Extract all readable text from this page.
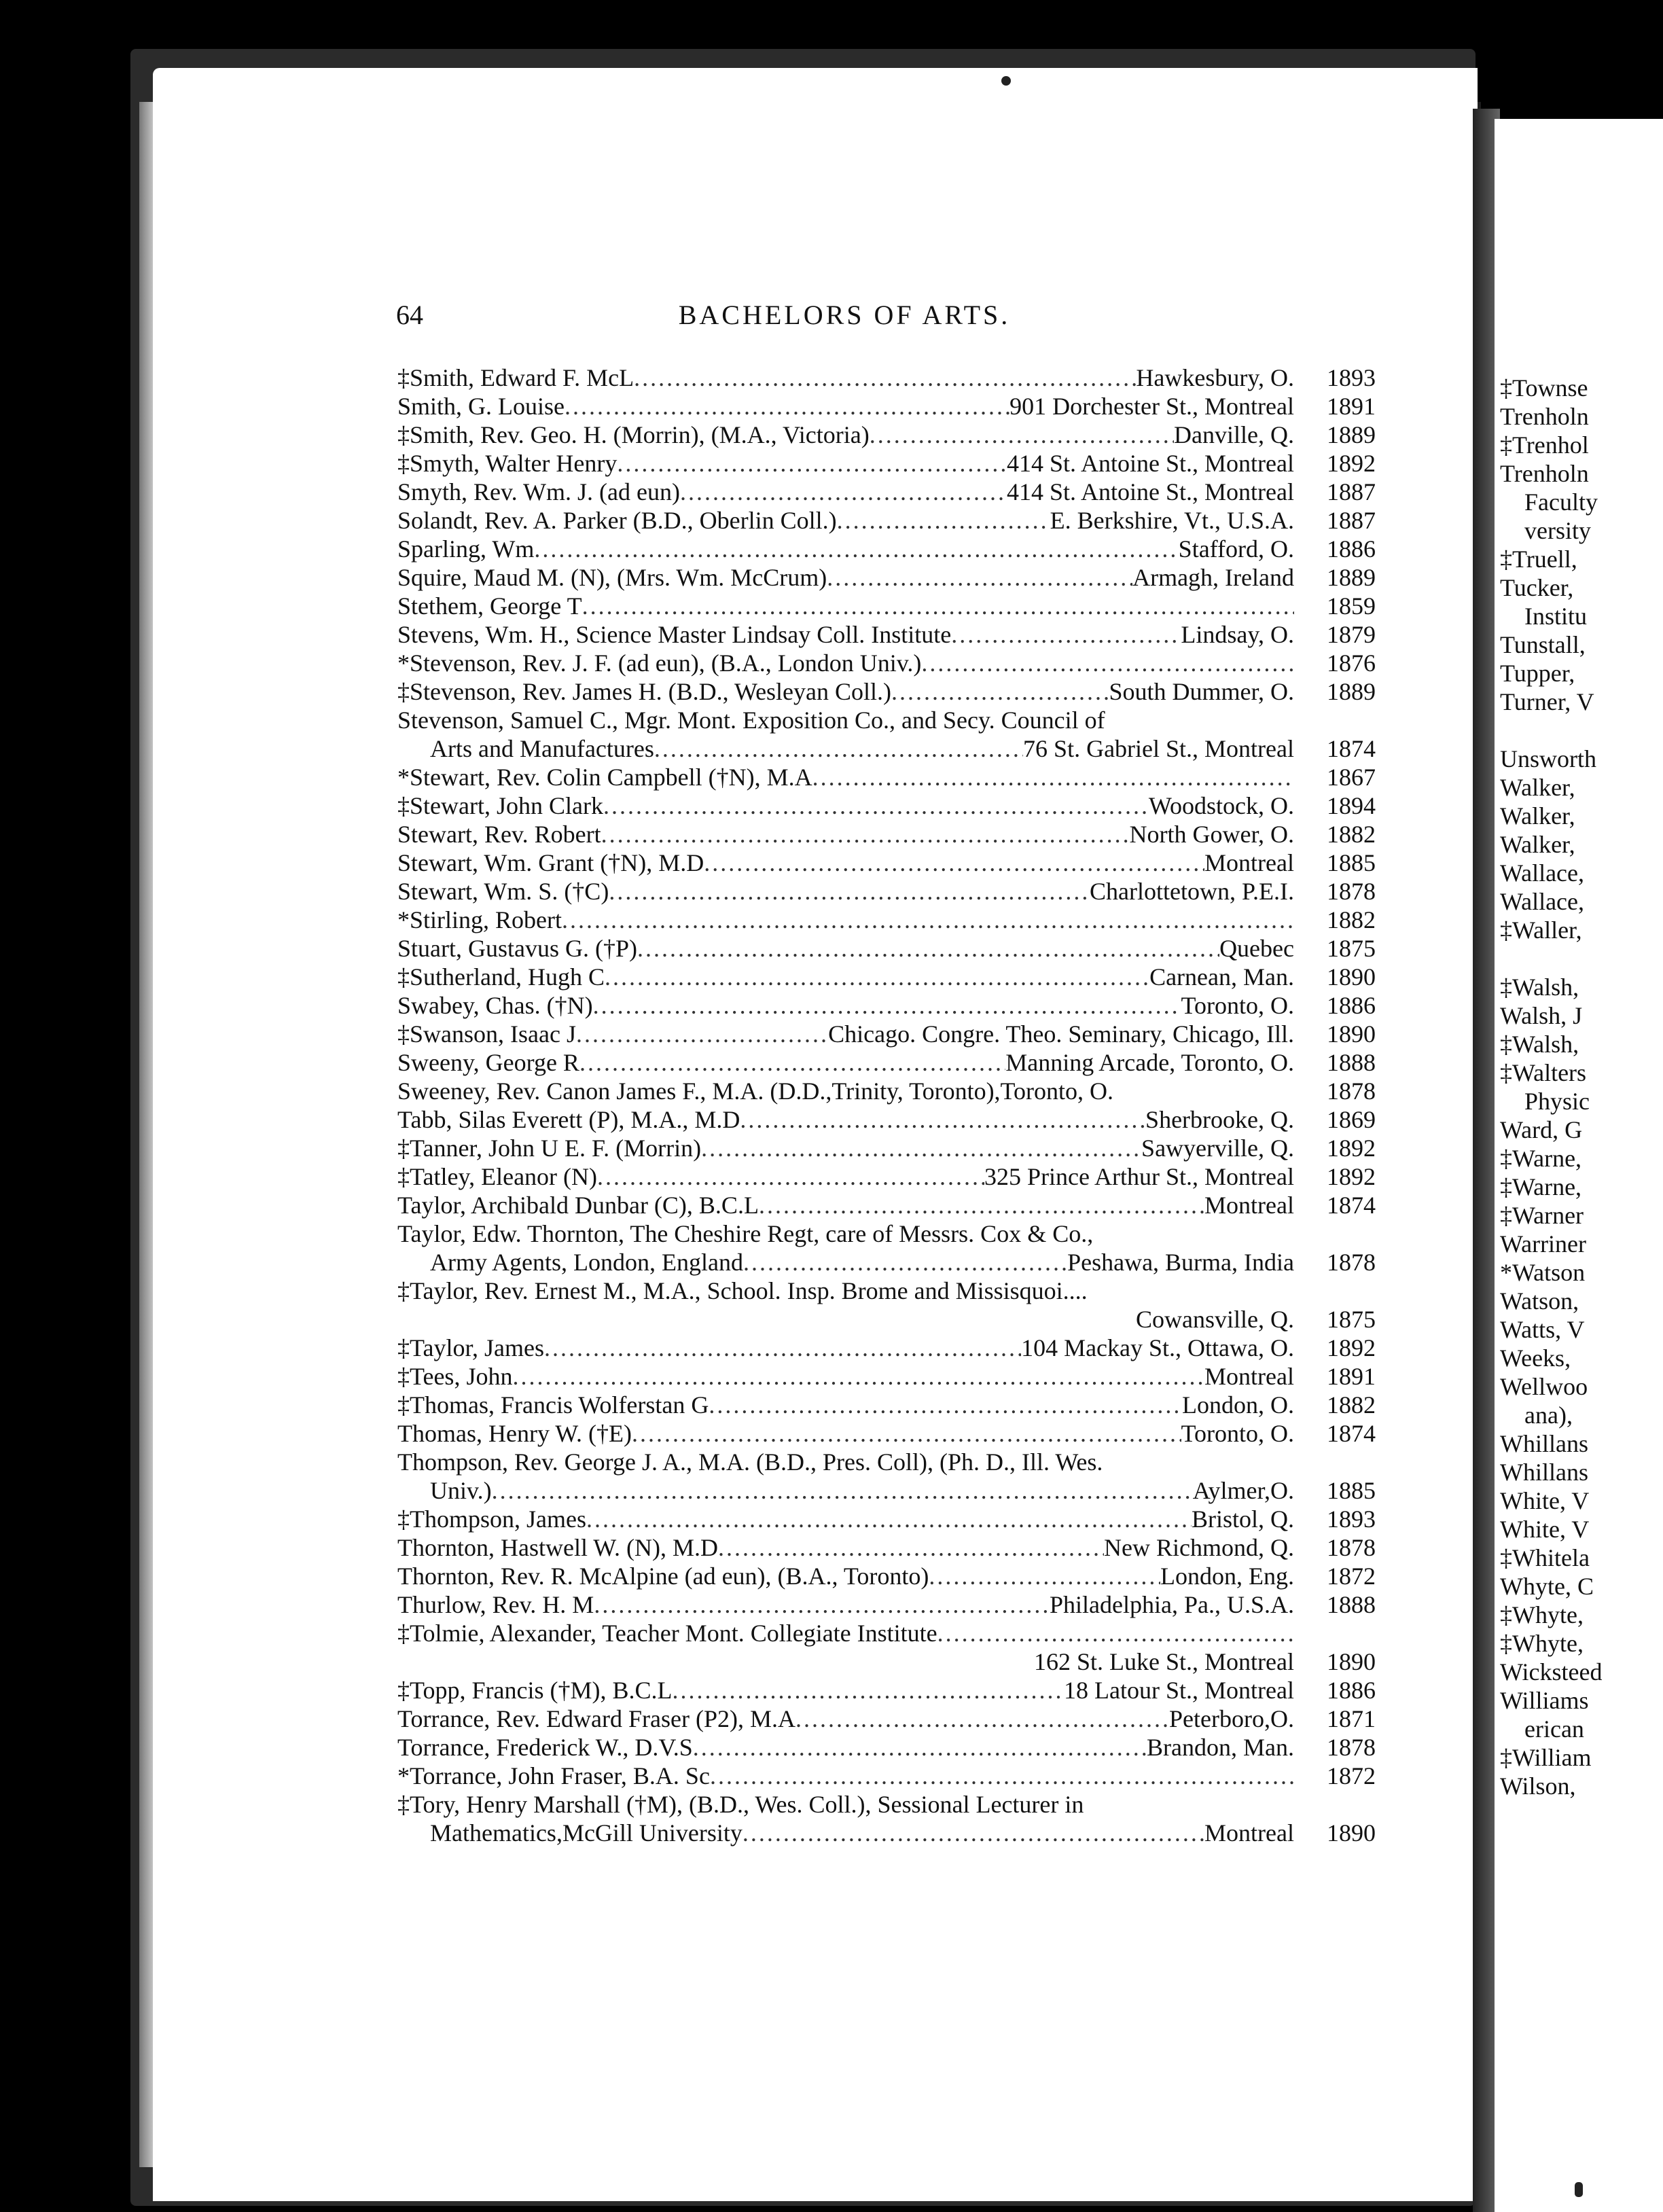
64	BACHELORS OF ARTS.
‡Smith, Edward F. McL .....	Hawkesbury, O.	1893
Smith, G. Louise .....	901 Dorchester St., Montreal	1891
‡Smith, Rev. Geo. H. (Morrin), (M.A., Victoria) .....	Danville, Q.	1889
‡Smyth, Walter Henry .....	414 St. Antoine St., Montreal	1892
Smyth, Rev. Wm. J. (ad eun) .....	414 St. Antoine St., Montreal	1887
Solandt, Rev. A. Parker (B.D., Oberlin Coll.) .....	E. Berkshire, Vt., U.S.A.	1887
Sparling, Wm .....	Stafford, O.	1886
Squire, Maud M. (N), (Mrs. Wm. McCrum) .....	Armagh, Ireland	1889
Stethem, George T .....	1859
Stevens, Wm. H., Science Master Lindsay Coll. Institute .....	Lindsay, O.	1879
*Stevenson, Rev. J. F. (ad eun), (B.A., London Univ.) .....	1876
‡Stevenson, Rev. James H. (B.D., Wesleyan Coll.) .....	South Dummer, O.	1889
Stevenson, Samuel C., Mgr. Mont. Exposition Co., and Secy. Council of
Arts and Manufactures .....	76 St. Gabriel St., Montreal	1874
*Stewart, Rev. Colin Campbell (†N), M.A .....	1867
‡Stewart, John Clark .....	Woodstock, O.	1894
Stewart, Rev. Robert .....	North Gower, O.	1882
Stewart, Wm. Grant (†N), M.D .....	Montreal	1885
Stewart, Wm. S. (†C) .....	Charlottetown, P.E.I.	1878
*Stirling, Robert .....	1882
Stuart, Gustavus G. (†P) .....	Quebec	1875
‡Sutherland, Hugh C .....	Carnean, Man.	1890
Swabey, Chas. (†N) .....	Toronto, O.	1886
‡Swanson, Isaac J .....	Chicago. Congre. Theo. Seminary, Chicago, Ill.	1890
Sweeny, George R .....	Manning Arcade, Toronto, O.	1888
Sweeney, Rev. Canon James F., M.A. (D.D.,Trinity, Toronto),Toronto, O.	1878
Tabb, Silas Everett (P), M.A., M.D .....	Sherbrooke, Q.	1869
‡Tanner, John U E. F. (Morrin) .....	Sawyerville, Q.	1892
‡Tatley, Eleanor (N) .....	325 Prince Arthur St., Montreal	1892
Taylor, Archibald Dunbar (C), B.C.L .....	Montreal	1874
Taylor, Edw. Thornton, The Cheshire Regt, care of Messrs. Cox & Co.,
Army Agents, London, England .....	Peshawa, Burma, India	1878
‡Taylor, Rev. Ernest M., M.A., School. Insp. Brome and Missisquoi....
Cowansville, Q.	1875
‡Taylor, James .....	104 Mackay St., Ottawa, O.	1892
‡Tees, John .....	Montreal	1891
‡Thomas, Francis Wolferstan G .....	London, O.	1882
Thomas, Henry W. (†E) .....	Toronto, O.	1874
Thompson, Rev. George J. A., M.A. (B.D., Pres. Coll), (Ph. D., Ill. Wes.
Univ.) .....	Aylmer,O.	1885
‡Thompson, James .....	Bristol, Q.	1893
Thornton, Hastwell W. (N), M.D .....	New Richmond, Q.	1878
Thornton, Rev. R. McAlpine (ad eun), (B.A., Toronto) .....	London, Eng.	1872
Thurlow, Rev. H. M .....	Philadelphia, Pa., U.S.A.	1888
‡Tolmie, Alexander, Teacher Mont. Collegiate Institute
.....
162 St. Luke St., Montreal	1890
‡Topp, Francis (†M), B.C.L .....	18 Latour St., Montreal	1886
Torrance, Rev. Edward Fraser (P2), M.A .....	Peterboro,O.	1871
Torrance, Frederick W., D.V.S .....	Brandon, Man.	1878
*Torrance, John Fraser, B.A. Sc .....	1872
‡Tory, Henry Marshall (†M), (B.D., Wes. Coll.), Sessional Lecturer in
Mathematics,McGill University .....	Montreal	1890
‡Townse
Trenholn
‡Trenhol
Trenholn
Faculty
versity
‡Truell,
Tucker,
Institu
Tunstall,
Tupper,
Turner, V
Unsworth
Walker,
Walker,
Walker,
Wallace,
Wallace,
‡Waller,
‡Walsh,
Walsh, J
‡Walsh,
‡Walters
Physic
Ward, G
‡Warne,
‡Warne,
‡Warner
Warriner
*Watson
Watson,
Watts, V
Weeks,
Wellwoo
ana),
Whillans
Whillans
White, V
White, V
‡Whitela
Whyte, C
‡Whyte,
‡Whyte,
Wicksteed
Williams
erican
‡William
Wilson,
